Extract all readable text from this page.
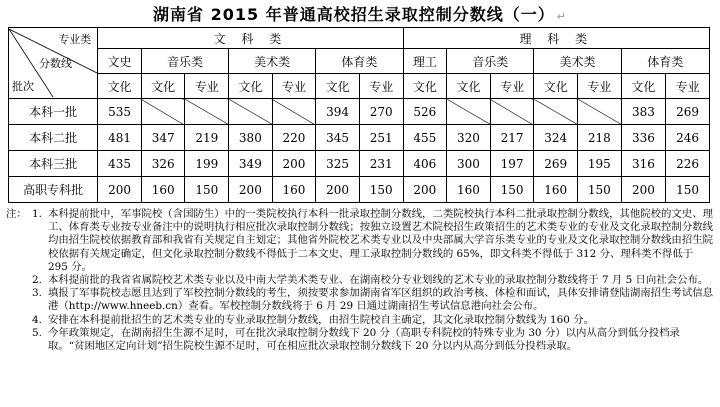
湖南省 2015 年普通高校招生录取控制分数线（一） ↵
专业类
分数线
批次	文 科 类							理 科 类						
	文史	音乐类		美术类		体育类		理工	音乐类		美术类		体育类	
	文化	文化	专业	文化	专业	文化	专业	文化	文化	专业	文化	专业	文化	专业
本科一批	535					394	270	526					383	269
本科二批	481	347	219	380	220	345	251	455	320	217	324	218	336	246
本科三批	435	326	199	349	200	325	231	406	300	197	269	195	316	226
高职专科批	200	160	150	200	160	200	150	200	160	150	160	150	200	150
注： 1. 本科提前批中，军事院校（含国防生）中的一类院校执行本科一批录取控制分数线，二类院校执行本科二批录取控制分数线，其他院校的文史、理工、体育类专业按专业备注中的说明执行相应批次录取控制分数线；按独立设置艺术院校招生政策招生的艺术类专业的专业及文化录取控制分数线均由招生院校依据教育部和我省有关规定自主划定；其他省外院校艺术类专业以及中央部属大学音乐类专业的专业及文化录取控制分数线由招生院校依据有关规定确定，但文化录取控制分数线不得低于二本文史、理工录取控制分数线的 65%，即文科类不得低于 312 分、理科类不得低于 295 分。
2. 本科提前批的我省省属院校艺术类专业以及中南大学美术类专业、在湖南校分专业划线的艺术专业的录取控制分数线将于 7 月 5 日向社会公布。
3. 填报了军事院校志愿且达到了军校控制分数线的考生，须按要求参加湖南省军区组织的政治考核、体检和面试，具体安排请登陆湖南招生考试信息港（http://www.hneeb.cn）查看。军校控制分数线将于 6 月 29 日通过湖南招生考试信息港向社会公布。
4. 安排在本科提前批招生的艺术类专业的专业录取控制分数线，由招生院校自主确定，其文化录取控制分数线为 160 分。
5. 今年政策规定，在湖南招生生源不足时，可在批次录取控制分数线下 20 分（高职专科院校的特殊专业为 30 分）以内从高分到低分投档录取。“贫困地区定向计划”招生院校生源不足时，可在相应批次录取控制分数线下 20 分以内从高分到低分投档录取。
